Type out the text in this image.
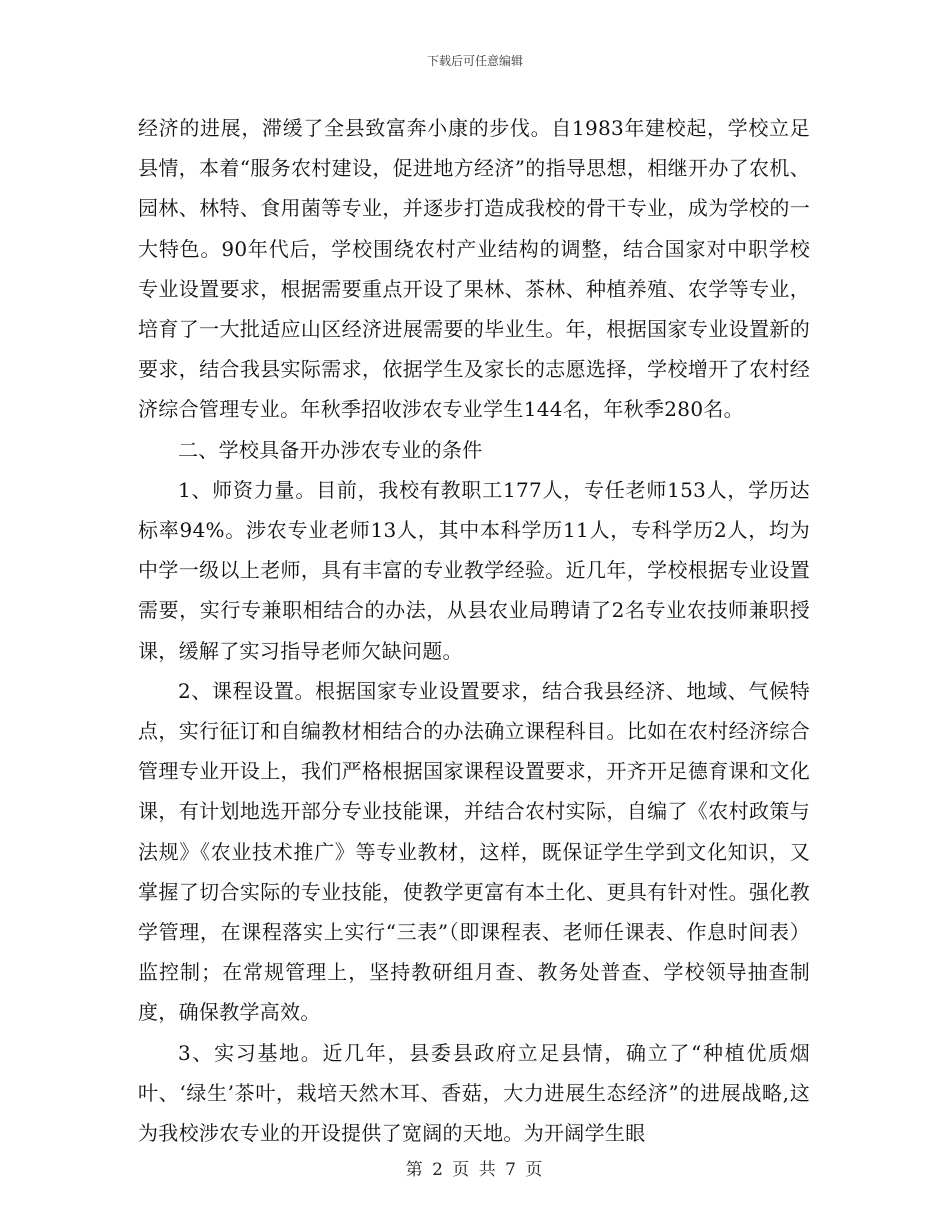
下载后可任意编辑

经济的进展，滞缓了全县致富奔小康的步伐。自1983年建校起，学校立足县情，本着“服务农村建设，促进地方经济”的指导思想，相继开办了农机、园林、林特、食用菌等专业，并逐步打造成我校的骨干专业，成为学校的一大特色。90年代后，学校围绕农村产业结构的调整，结合国家对中职学校专业设置要求，根据需要重点开设了果林、茶林、种植养殖、农学等专业，培育了一大批适应山区经济进展需要的毕业生。年，根据国家专业设置新的要求，结合我县实际需求，依据学生及家长的志愿选择，学校增开了农村经济综合管理专业。年秋季招收涉农专业学生144名，年秋季280名。

二、学校具备开办涉农专业的条件

1、师资力量。目前，我校有教职工177人，专任老师153人，学历达标率94%。涉农专业老师13人，其中本科学历11人，专科学历2人，均为中学一级以上老师，具有丰富的专业教学经验。近几年，学校根据专业设置需要，实行专兼职相结合的办法，从县农业局聘请了2名专业农技师兼职授课，缓解了实习指导老师欠缺问题。

2、课程设置。根据国家专业设置要求，结合我县经济、地域、气候特点，实行征订和自编教材相结合的办法确立课程科目。比如在农村经济综合管理专业开设上，我们严格根据国家课程设置要求，开齐开足德育课和文化课，有计划地选开部分专业技能课，并结合农村实际，自编了《农村政策与法规》《农业技术推广》等专业教材，这样，既保证学生学到文化知识，又掌握了切合实际的专业技能，使教学更富有本土化、更具有针对性。强化教学管理，在课程落实上实行“三表”（即课程表、老师任课表、作息时间表）监控制；在常规管理上，坚持教研组月查、教务处普查、学校领导抽查制度，确保教学高效。

3、实习基地。近几年，县委县政府立足县情，确立了“种植优质烟叶、‘绿生’茶叶，栽培天然木耳、香菇，大力进展生态经济”的进展战略,这为我校涉农专业的开设提供了宽阔的天地。为开阔学生眼

第 2 页 共 7 页
